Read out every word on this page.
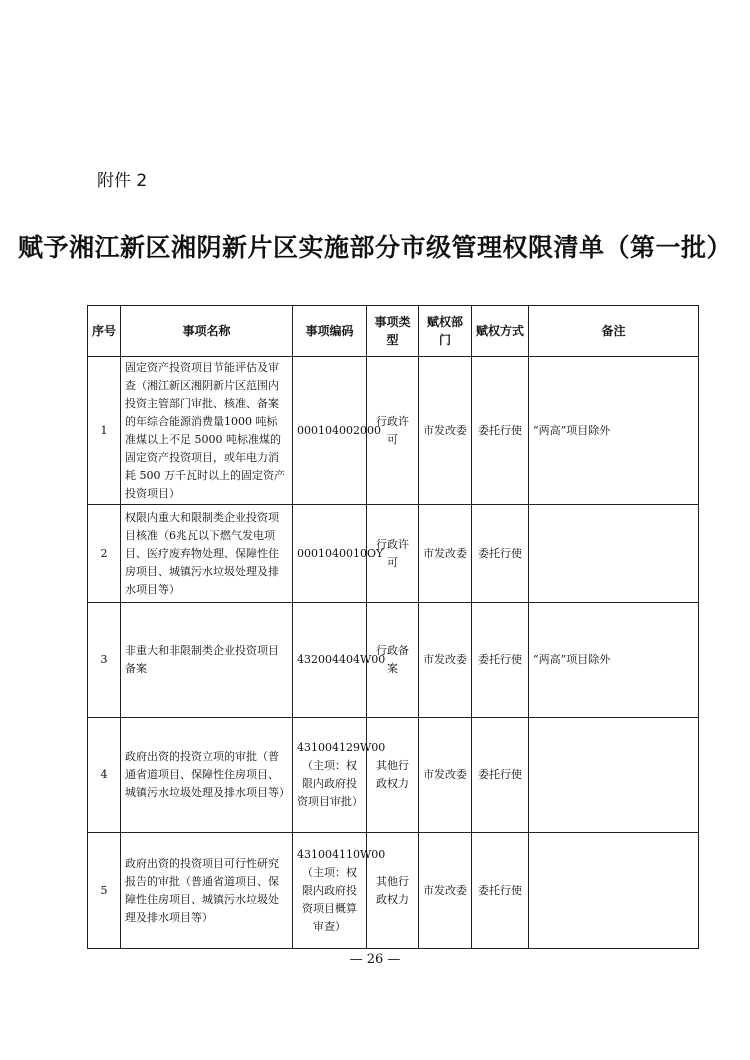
附件 2
赋予湘江新区湘阴新片区实施部分市级管理权限清单（第一批）
序号	事项名称	事项编码	事项类型	赋权部门	赋权方式	备注
1	固定资产投资项目节能评估及审查（湘江新区湘阴新片区范围内投资主管部门审批、核准、备案的年综合能源消费量1000 吨标准煤以上不足 5000 吨标准煤的固定资产投资项目，或年电力消耗 500 万千瓦时以上的固定资产投资项目）	000104002000	行政许可	市发改委	委托行使	“两高”项目除外
2	权限内重大和限制类企业投资项目核准（6兆瓦以下燃气发电项目、医疗废弃物处理、保障性住房项目、城镇污水垃圾处理及排水项目等）	0001040010OY	行政许可	市发改委	委托行使	
3	非重大和非限制类企业投资项目备案	432004404W00	行政备案	市发改委	委托行使	“两高”项目除外
4	政府出资的投资立项的审批（普通省道项目、保障性住房项目、城镇污水垃圾处理及排水项目等）	431004129W00（主项：权限内政府投资项目审批）	其他行政权力	市发改委	委托行使	
5	政府出资的投资项目可行性研究报告的审批（普通省道项目、保障性住房项目、城镇污水垃圾处理及排水项目等）	431004110W00（主项：权限内政府投资项目概算审查）	其他行政权力	市发改委	委托行使	
— 26 —
